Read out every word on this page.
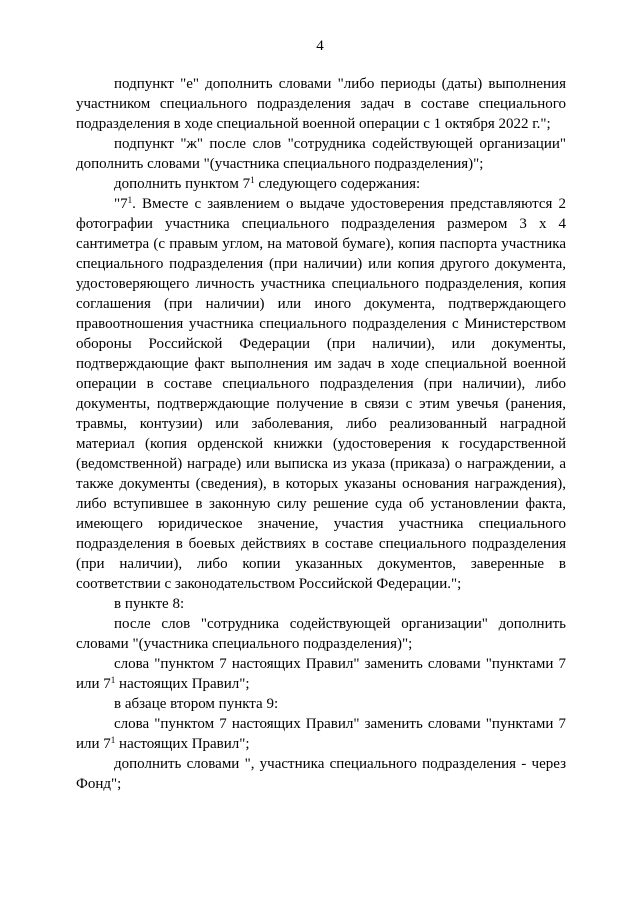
4

подпункт "е" дополнить словами "либо периоды (даты) выполнения участником специального подразделения задач в составе специального подразделения в ходе специальной военной операции с 1 октября 2022 г.";

подпункт "ж" после слов "сотрудника содействующей организации" дополнить словами "(участника специального подразделения)";

дополнить пунктом $7^1$ следующего содержания:

"$7^1$. Вместе с заявлением о выдаче удостоверения представляются 2 фотографии участника специального подразделения размером 3 х 4 сантиметра (с правым углом, на матовой бумаге), копия паспорта участника специального подразделения (при наличии) или копия другого документа, удостоверяющего личность участника специального подразделения, копия соглашения (при наличии) или иного документа, подтверждающего правоотношения участника специального подразделения с Министерством обороны Российской Федерации (при наличии), или документы, подтверждающие факт выполнения им задач в ходе специальной военной операции в составе специального подразделения (при наличии), либо документы, подтверждающие получение в связи с этим увечья (ранения, травмы, контузии) или заболевания, либо реализованный наградной материал (копия орденской книжки (удостоверения к государственной (ведомственной) награде) или выписка из указа (приказа) о награждении, а также документы (сведения), в которых указаны основания награждения), либо вступившее в законную силу решение суда об установлении факта, имеющего юридическое значение, участия участника специального подразделения в боевых действиях в составе специального подразделения (при наличии), либо копии указанных документов, заверенные в соответствии с законодательством Российской Федерации.";

в пункте 8:

после слов "сотрудника содействующей организации" дополнить словами "(участника специального подразделения)";

слова "пунктом 7 настоящих Правил" заменить словами "пунктами 7 или $7^1$ настоящих Правил";

в абзаце втором пункта 9:

слова "пунктом 7 настоящих Правил" заменить словами "пунктами 7 или $7^1$ настоящих Правил";

дополнить словами ", участника специального подразделения - через Фонд";
